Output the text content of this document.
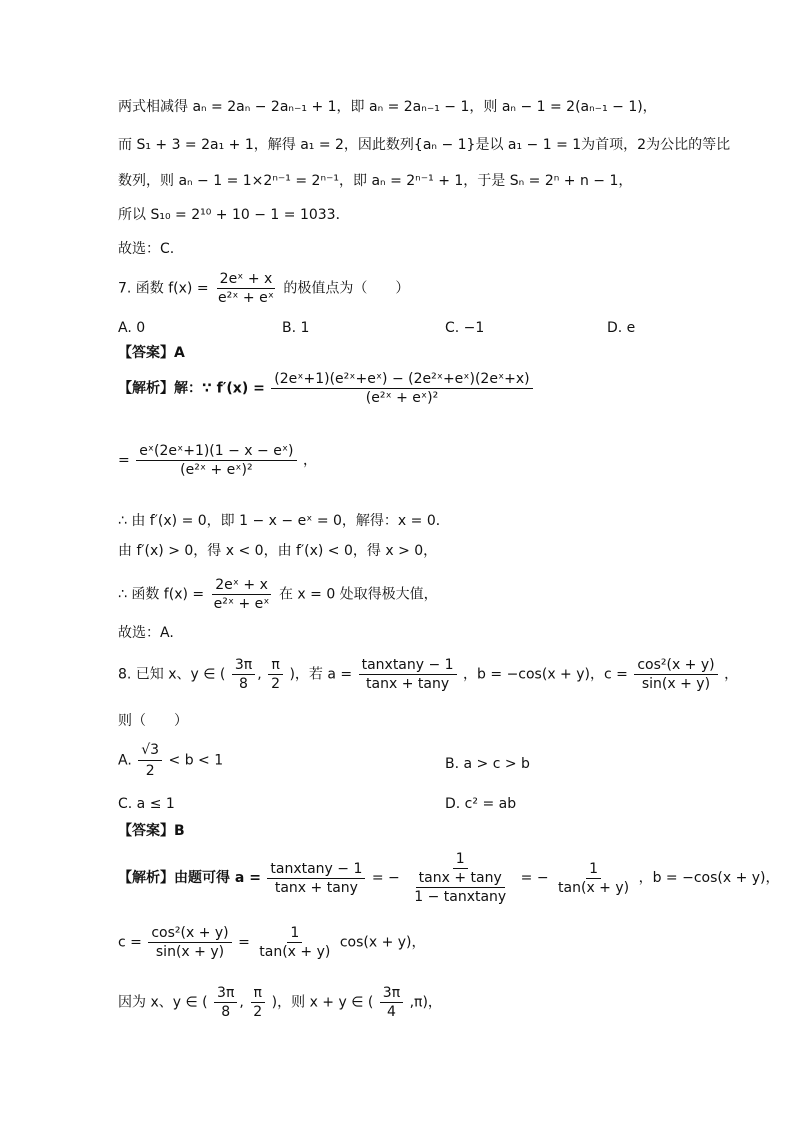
两式相减得 aₙ = 2aₙ − 2aₙ₋₁ + 1，即 aₙ = 2aₙ₋₁ − 1，则 aₙ − 1 = 2(aₙ₋₁ − 1)，
而 S₁ + 3 = 2a₁ + 1，解得 a₁ = 2，因此数列{aₙ − 1}是以 a₁ − 1 = 1为首项，2为公比的等比
数列，则 aₙ − 1 = 1×2ⁿ⁻¹ = 2ⁿ⁻¹，即 aₙ = 2ⁿ⁻¹ + 1，于是 Sₙ = 2ⁿ + n − 1，
所以 S₁₀ = 2¹⁰ + 10 − 1 = 1033．
故选：C.
7. 函数 $f(x) = \frac{\text{2eˣ + x}}{\text{e²ˣ + eˣ}}$ 的极值点为（　　）
A. 0	B. 1	C. −1	D. e
【答案】A
【解析】解：∵ $f'(x) = \frac{\text{(2eˣ+1)(e²ˣ+eˣ) − (2e²ˣ+eˣ)(2eˣ+x)}}{\text{(e²ˣ + eˣ)²}}$
= $\frac{\text{eˣ(2eˣ+1)(1 − x − eˣ)}}{\text{(e²ˣ + eˣ)²}}$ ，
∴ 由 f′(x) = 0，即 1 − x − eˣ = 0，解得：x = 0．
由 f′(x) > 0，得 x < 0，由 f′(x) < 0，得 x > 0，
∴ 函数 $f(x) = \frac{\text{2eˣ + x}}{\text{e²ˣ + eˣ}}$ 在 x = 0 处取得极大值，
故选：A.
8. 已知 x、y ∈ ( $\frac{3\pi}{8}$ , $\frac{\pi}{2}$ )，若 $a = \frac{\text{tanxtany − 1}}{\tan x + \tan y}$ ，b = −cos(x + y)，$c = \frac{\text{cos²(x + y)}}{\sin(x + y)}$ ，
则（　　）
A. $\frac{√3}{2} < b < 1$	B. a > c > b
C. a ≤ 1	D. c² = ab
【答案】B
【解析】由题可得 $a = \frac{\text{tanxtany − 1}}{\tan x + \tan y}$ = − $\frac{1}{\frac{\tan x + \tan y}{\text{1 − tanxtany}}}$ = − $\frac{1}{\tan(x + y)}$ ，b = −cos(x + y)，
$c = \frac{\text{cos²(x + y)}}{\sin(x + y)} = \frac{1}{\tan(x + y)} \cos(x + y)$，
因为 x、y ∈ ( $\frac{3\pi}{8}$ , $\frac{\pi}{2}$ )，则 x + y ∈ ( $\frac{3\pi}{4} ,\pi$)，
